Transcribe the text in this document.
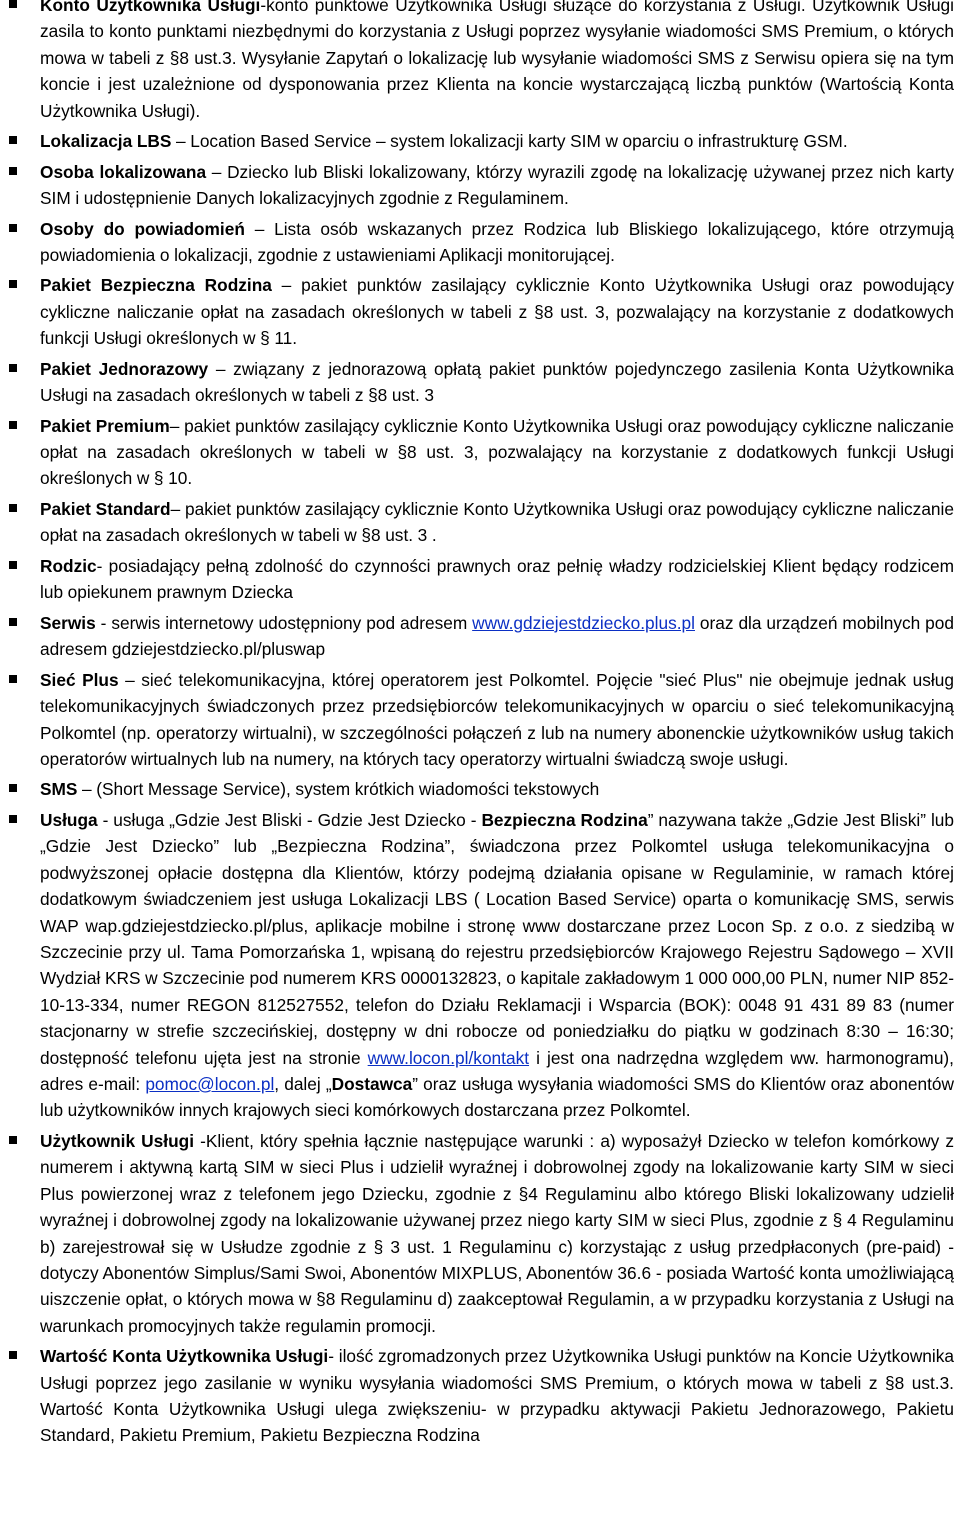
Konto Użytkownika Usługi-konto punktowe Użytkownika Usługi służące do korzystania z Usługi. Użytkownik Usługi zasila to konto punktami niezbędnymi do korzystania z Usługi poprzez wysyłanie wiadomości SMS Premium, o których mowa w tabeli z §8 ust.3. Wysyłanie Zapytań o lokalizację lub wysyłanie wiadomości SMS z Serwisu opiera się na tym koncie i jest uzależnione od dysponowania przez Klienta na koncie wystarczającą liczbą punktów (Wartością Konta Użytkownika Usługi).
Lokalizacja LBS – Location Based Service – system lokalizacji karty SIM w oparciu o infrastrukturę GSM.
Osoba lokalizowana – Dziecko lub Bliski lokalizowany, którzy wyrazili zgodę na lokalizację używanej przez nich karty SIM i udostępnienie Danych lokalizacyjnych zgodnie z Regulaminem.
Osoby do powiadomień – Lista osób wskazanych przez Rodzica lub Bliskiego lokalizującego, które otrzymują powiadomienia o lokalizacji, zgodnie z ustawieniami Aplikacji monitorującej.
Pakiet Bezpieczna Rodzina – pakiet punktów zasilający cyklicznie Konto Użytkownika Usługi oraz powodujący cykliczne naliczanie opłat na zasadach określonych w tabeli z §8 ust. 3, pozwalający na korzystanie z dodatkowych funkcji Usługi określonych w § 11.
Pakiet Jednorazowy – związany z jednorazową opłatą pakiet punktów pojedynczego zasilenia Konta Użytkownika Usługi na zasadach określonych w tabeli z §8 ust. 3
Pakiet Premium– pakiet punktów zasilający cyklicznie Konto Użytkownika Usługi oraz powodujący cykliczne naliczanie opłat na zasadach określonych w tabeli w §8 ust. 3, pozwalający na korzystanie z dodatkowych funkcji Usługi określonych w § 10.
Pakiet Standard– pakiet punktów zasilający cyklicznie Konto Użytkownika Usługi oraz powodujący cykliczne naliczanie opłat na zasadach określonych w tabeli w §8 ust. 3 .
Rodzic- posiadający pełną zdolność do czynności prawnych oraz pełnię władzy rodzicielskiej Klient będący rodzicem lub opiekunem prawnym Dziecka
Serwis - serwis internetowy udostępniony pod adresem www.gdziejestdziecko.plus.pl oraz dla urządzeń mobilnych pod adresem gdziejestdziecko.pl/pluswap
Sieć Plus – sieć telekomunikacyjna, której operatorem jest Polkomtel. Pojęcie "sieć Plus" nie obejmuje jednak usług telekomunikacyjnych świadczonych przez przedsiębiorców telekomunikacyjnych w oparciu o sieć telekomunikacyjną Polkomtel (np. operatorzy wirtualni), w szczególności połączeń z lub na numery abonenckie użytkowników usług takich operatorów wirtualnych lub na numery, na których tacy operatorzy wirtualni świadczą swoje usługi.
SMS – (Short Message Service), system krótkich wiadomości tekstowych
Usługa - usługa „Gdzie Jest Bliski - Gdzie Jest Dziecko - Bezpieczna Rodzina” nazywana także „Gdzie Jest Bliski” lub „Gdzie Jest Dziecko” lub „Bezpieczna Rodzina”, świadczona przez Polkomtel usługa telekomunikacyjna o podwyższonej opłacie dostępna dla Klientów, którzy podejmą działania opisane w Regulaminie, w ramach której dodatkowym świadczeniem jest usługa Lokalizacji LBS ( Location Based Service) oparta o komunikację SMS, serwis WAP wap.gdziejestdziecko.pl/plus, aplikacje mobilne i stronę www dostarczane przez Locon Sp. z o.o. z siedzibą w Szczecinie przy ul. Tama Pomorzańska 1, wpisaną do rejestru przedsiębiorców Krajowego Rejestru Sądowego – XVII Wydział KRS w Szczecinie pod numerem KRS 0000132823, o kapitale zakładowym 1 000 000,00 PLN, numer NIP 852-10-13-334, numer REGON 812527552, telefon do Działu Reklamacji i Wsparcia (BOK): 0048 91 431 89 83 (numer stacjonarny w strefie szczecińskiej, dostępny w dni robocze od poniedziałku do piątku w godzinach 8:30 – 16:30; dostępność telefonu ujęta jest na stronie www.locon.pl/kontakt i jest ona nadrzędna względem ww. harmonogramu), adres e-mail: pomoc@locon.pl, dalej „Dostawca” oraz usługa wysyłania wiadomości SMS do Klientów oraz abonentów lub użytkowników innych krajowych sieci komórkowych dostarczana przez Polkomtel.
Użytkownik Usługi -Klient, który spełnia łącznie następujące warunki : a) wyposażył Dziecko w telefon komórkowy z numerem i aktywną kartą SIM w sieci Plus i udzielił wyraźnej i dobrowolnej zgody na lokalizowanie karty SIM w sieci Plus powierzonej wraz z telefonem jego Dziecku, zgodnie z §4 Regulaminu albo którego Bliski lokalizowany udzielił wyraźnej i dobrowolnej zgody na lokalizowanie używanej przez niego karty SIM w sieci Plus, zgodnie z § 4 Regulaminu b) zarejestrował się w Usłudze zgodnie z § 3 ust. 1 Regulaminu c) korzystając z usług przedpłaconych (pre-paid) -dotyczy Abonentów Simplus/Sami Swoi, Abonentów MIXPLUS, Abonentów 36.6 - posiada Wartość konta umożliwiającą uiszczenie opłat, o których mowa w §8 Regulaminu d) zaakceptował Regulamin, a w przypadku korzystania z Usługi na warunkach promocyjnych także regulamin promocji.
Wartość Konta Użytkownika Usługi- ilość zgromadzonych przez Użytkownika Usługi punktów na Koncie Użytkownika Usługi poprzez jego zasilanie w wyniku wysyłania wiadomości SMS Premium, o których mowa w tabeli z §8 ust.3. Wartość Konta Użytkownika Usługi ulega zwiększeniu- w przypadku aktywacji Pakietu Jednorazowego, Pakietu Standard, Pakietu Premium, Pakietu Bezpieczna Rodzina
